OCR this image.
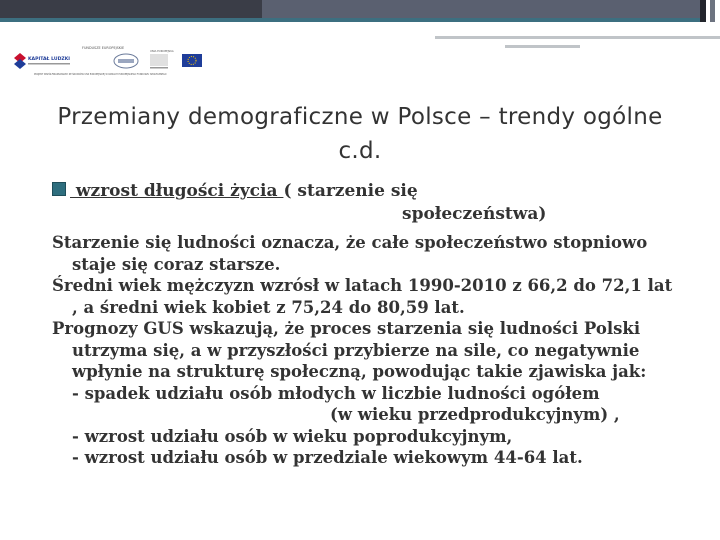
FUNDUSZE EUROPEJSKIE
KAPITAŁ LUDZKI
UNIA EUROPEJSKA
PROJEKT WSPÓŁFINANSOWANY ZE ŚRODKÓW UNII EUROPEJSKIEJ W RAMACH EUROPEJSKIEGO FUNDUSZU SPOŁECZNEGO
Przemiany demograficzne w Polsce – trendy ogólne c.d.
wzrost długości życia ( starzenie się
społeczeństwa)

Starzenie się ludności oznacza, że całe społeczeństwo stopniowo staje się coraz starsze.

Średni wiek mężczyzn wzrósł w latach 1990-2010 z 66,2 do 72,1 lat , a średni wiek kobiet z 75,24 do 80,59 lat.

Prognozy GUS wskazują, że proces starzenia się ludności Polski utrzyma się, a w przyszłości przybierze na sile, co negatywnie wpłynie na strukturę społeczną, powodując takie zjawiska jak:

- spadek udziału osób młodych w liczbie ludności ogółem
(w wieku przedprodukcyjnym) ,

- wzrost udziału osób w wieku poprodukcyjnym,

- wzrost udziału osób w przedziale wiekowym 44-64 lat.
